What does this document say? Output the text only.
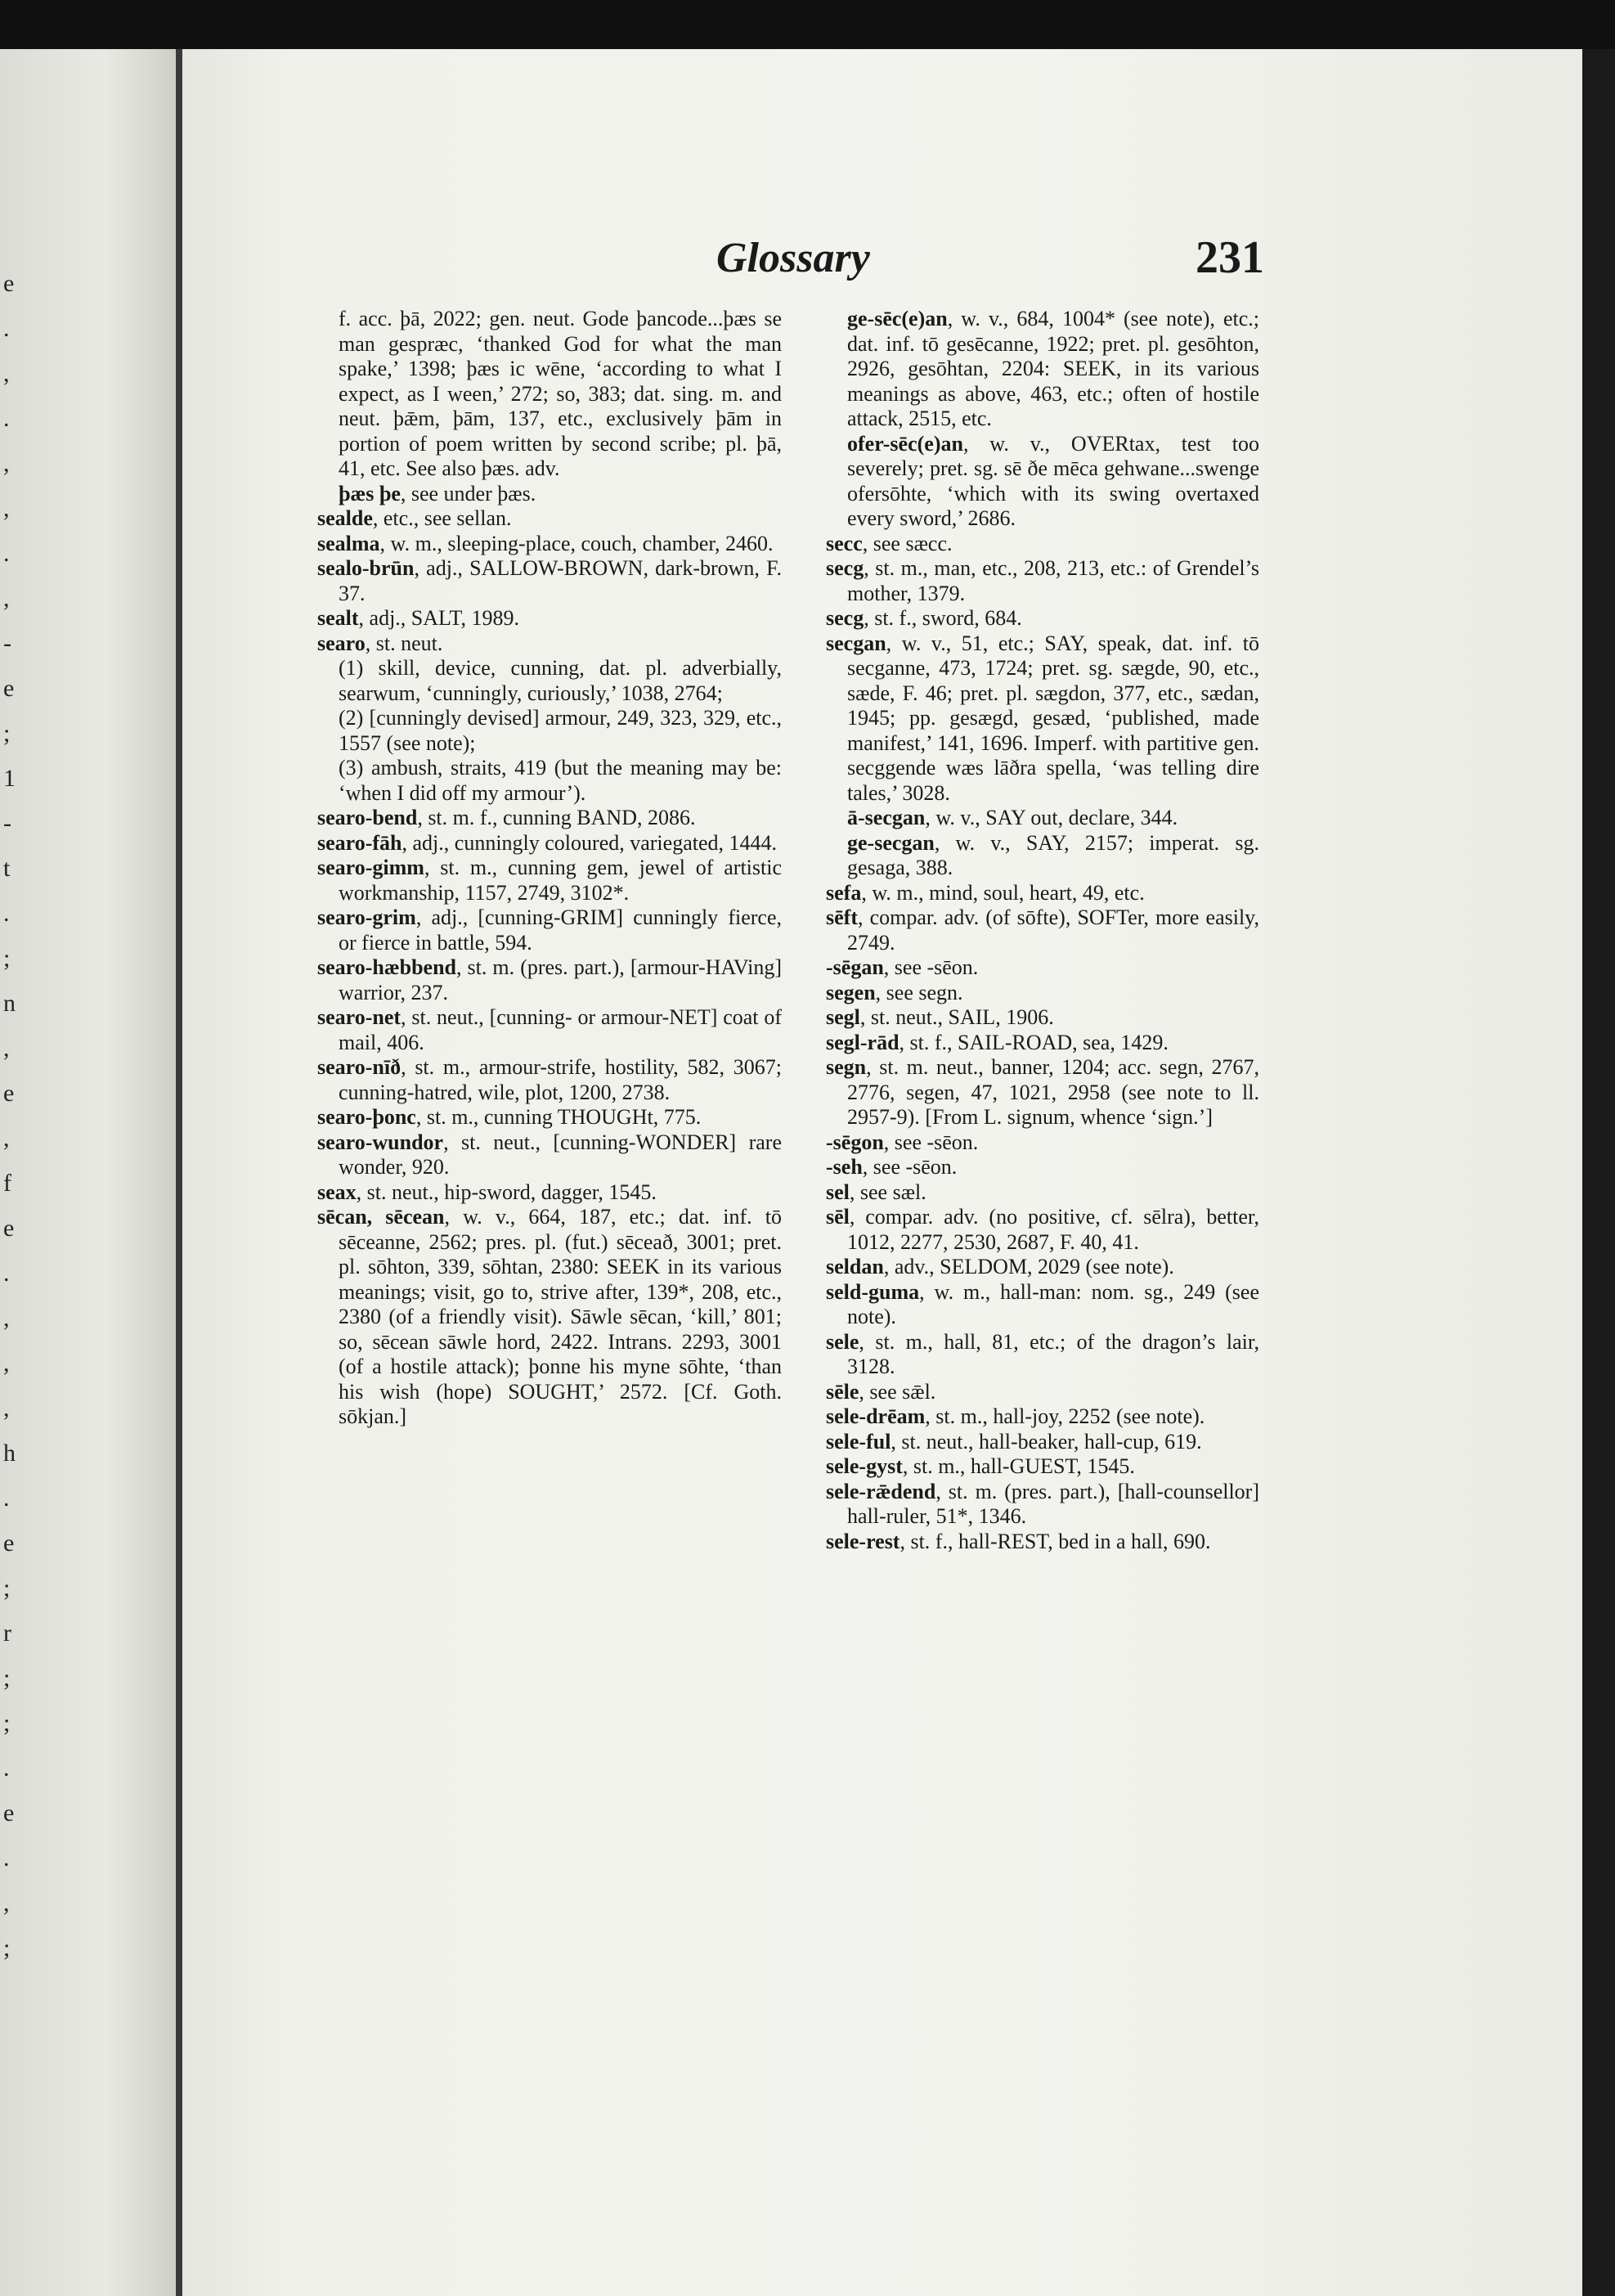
e
.
,
.
,
,
.
,
-
e
;
1
-
t
.
;
n
,
e
,
f
e
.
,
,
,
h
.
e
;
r
;
;
.
e
.
,
;
Glossary	231

f. acc. þā, 2022; gen. neut. Gode þancode...þæs se man gespræc, ‘thanked God for what the man spake,’ 1398; þæs ic wēne, ‘according to what I expect, as I ween,’ 272; so, 383; dat. sing. m. and neut. þǣm, þām, 137, etc., exclusively þām in portion of poem written by second scribe; pl. þā, 41, etc. See also þæs. adv.

þæs þe, see under þæs.

sealde, etc., see sellan.

sealma, w. m., sleeping-place, couch, chamber, 2460.

sealo-brūn, adj., SALLOW-BROWN, dark-brown, F. 37.

sealt, adj., SALT, 1989.

searo, st. neut.

(1) skill, device, cunning, dat. pl. adverbially, searwum, ‘cunningly, curiously,’ 1038, 2764;

(2) [cunningly devised] armour, 249, 323, 329, etc., 1557 (see note);

(3) ambush, straits, 419 (but the meaning may be: ‘when I did off my armour’).

searo-bend, st. m. f., cunning BAND, 2086.

searo-fāh, adj., cunningly coloured, variegated, 1444.

searo-gimm, st. m., cunning gem, jewel of artistic workmanship, 1157, 2749, 3102*.

searo-grim, adj., [cunning-GRIM] cunningly fierce, or fierce in battle, 594.

searo-hæbbend, st. m. (pres. part.), [armour-HAVing] warrior, 237.

searo-net, st. neut., [cunning- or armour-NET] coat of mail, 406.

searo-nīð, st. m., armour-strife, hostility, 582, 3067; cunning-hatred, wile, plot, 1200, 2738.

searo-þonc, st. m., cunning THOUGHt, 775.

searo-wundor, st. neut., [cunning-WONDER] rare wonder, 920.

seax, st. neut., hip-sword, dagger, 1545.

sēcan, sēcean, w. v., 664, 187, etc.; dat. inf. tō sēceanne, 2562; pres. pl. (fut.) sēceað, 3001; pret. pl. sōhton, 339, sōhtan, 2380: SEEK in its various meanings; visit, go to, strive after, 139*, 208, etc., 2380 (of a friendly visit). Sāwle sēcan, ‘kill,’ 801; so, sēcean sāwle hord, 2422. Intrans. 2293, 3001 (of a hostile attack); þonne his myne sōhte, ‘than his wish (hope) SOUGHT,’ 2572. [Cf. Goth. sōkjan.]

ge-sēc(e)an, w. v., 684, 1004* (see note), etc.; dat. inf. tō gesēcanne, 1922; pret. pl. gesōhton, 2926, gesōhtan, 2204: SEEK, in its various meanings as above, 463, etc.; often of hostile attack, 2515, etc.

ofer-sēc(e)an, w. v., OVERtax, test too severely; pret. sg. sē ðe mēca gehwane...swenge ofersōhte, ‘which with its swing overtaxed every sword,’ 2686.

secc, see sæcc.

secg, st. m., man, etc., 208, 213, etc.: of Grendel’s mother, 1379.

secg, st. f., sword, 684.

secgan, w. v., 51, etc.; SAY, speak, dat. inf. tō secganne, 473, 1724; pret. sg. sægde, 90, etc., sæde, F. 46; pret. pl. sægdon, 377, etc., sædan, 1945; pp. gesægd, gesæd, ‘published, made manifest,’ 141, 1696. Imperf. with partitive gen. secggende wæs lāðra spella, ‘was telling dire tales,’ 3028.

ā-secgan, w. v., SAY out, declare, 344.

ge-secgan, w. v., SAY, 2157; imperat. sg. gesaga, 388.

sefa, w. m., mind, soul, heart, 49, etc.

sēft, compar. adv. (of sōfte), SOFTer, more easily, 2749.

-sēgan, see -sēon.

segen, see segn.

segl, st. neut., SAIL, 1906.

segl-rād, st. f., SAIL-ROAD, sea, 1429.

segn, st. m. neut., banner, 1204; acc. segn, 2767, 2776, segen, 47, 1021, 2958 (see note to ll. 2957-9). [From L. signum, whence ‘sign.’]

-sēgon, see -sēon.

-seh, see -sēon.

sel, see sæl.

sēl, compar. adv. (no positive, cf. sēlra), better, 1012, 2277, 2530, 2687, F. 40, 41.

seldan, adv., SELDOM, 2029 (see note).

seld-guma, w. m., hall-man: nom. sg., 249 (see note).

sele, st. m., hall, 81, etc.; of the dragon’s lair, 3128.

sēle, see sǣl.

sele-drēam, st. m., hall-joy, 2252 (see note).

sele-ful, st. neut., hall-beaker, hall-cup, 619.

sele-gyst, st. m., hall-GUEST, 1545.

sele-rǣdend, st. m. (pres. part.), [hall-counsellor] hall-ruler, 51*, 1346.

sele-rest, st. f., hall-REST, bed in a hall, 690.
